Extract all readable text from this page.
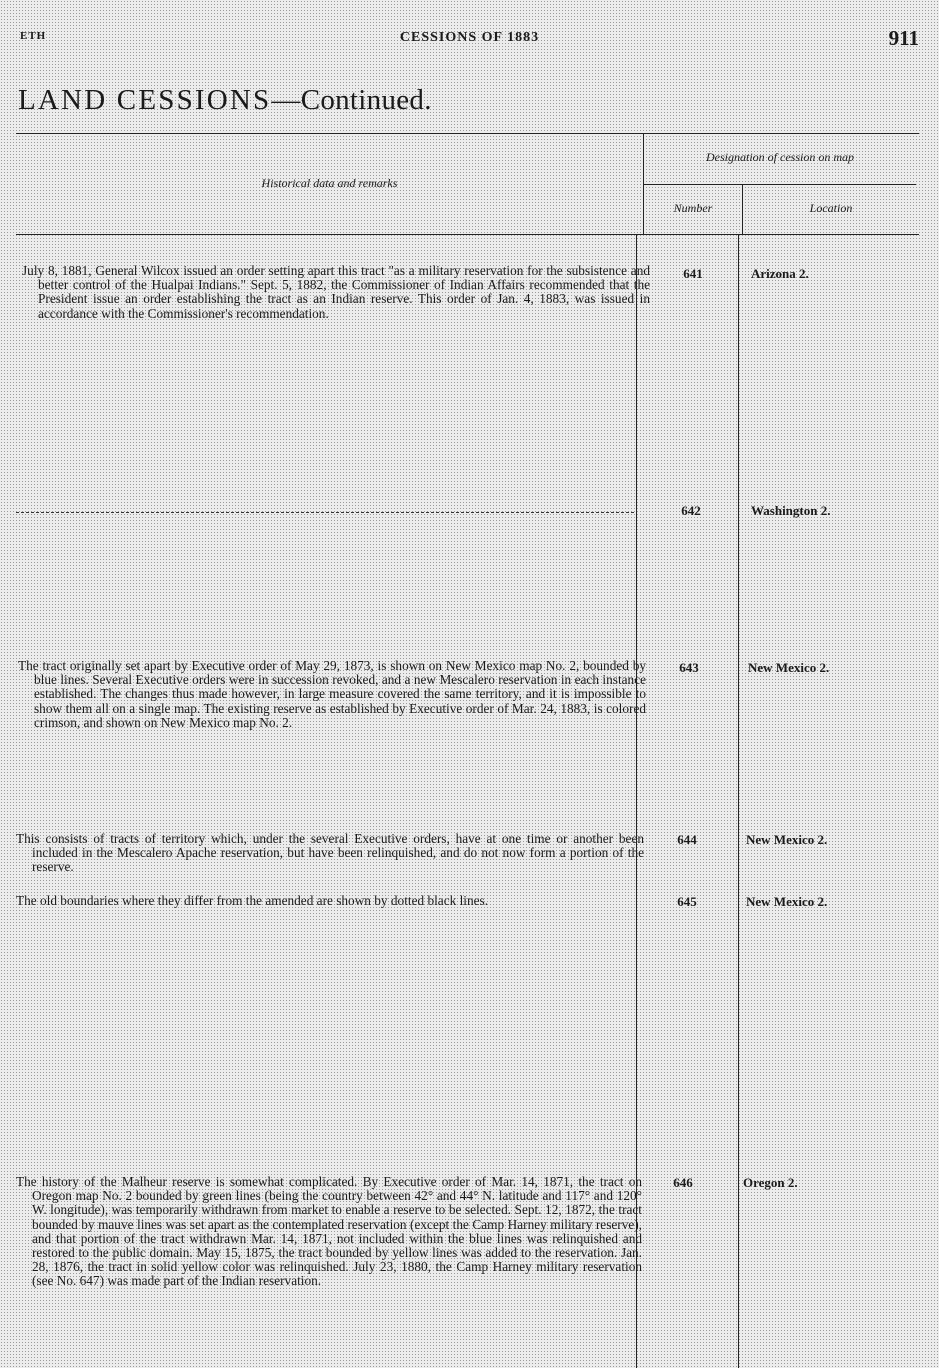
ETH	CESSIONS OF 1883	911
LAND CESSIONS—Continued.
Historical data and remarks
Designation of cession on map
Number	Location
July 8, 1881, General Wilcox issued an order setting apart this tract "as a military reservation for the subsistence and better control of the Hualpai Indians." Sept. 5, 1882, the Commissioner of Indian Affairs recommended that the President issue an order establishing the tract as an Indian reserve. This order of Jan. 4, 1883, was issued in accordance with the Commissioner's recommendation.
641	Arizona 2.
642	Washington 2.
The tract originally set apart by Executive order of May 29, 1873, is shown on New Mexico map No. 2, bounded by blue lines. Several Executive orders were in succession revoked, and a new Mescalero reservation in each instance established. The changes thus made however, in large measure covered the same territory, and it is impossible to show them all on a single map. The existing reserve as established by Executive order of Mar. 24, 1883, is colored crimson, and shown on New Mexico map No. 2.
643	New Mexico 2.
This consists of tracts of territory which, under the several Executive orders, have at one time or another been included in the Mescalero Apache reservation, but have been relinquished, and do not now form a portion of the reserve.
644	New Mexico 2.
The old boundaries where they differ from the amended are shown by dotted black lines.	645	New Mexico 2.
The history of the Malheur reserve is somewhat complicated. By Executive order of Mar. 14, 1871, the tract on Oregon map No. 2 bounded by green lines (being the country between 42° and 44° N. latitude and 117° and 120° W. longitude), was temporarily withdrawn from market to enable a reserve to be selected. Sept. 12, 1872, the tract bounded by mauve lines was set apart as the contemplated reservation (except the Camp Harney military reserve), and that portion of the tract withdrawn Mar. 14, 1871, not included within the blue lines was relinquished and restored to the public domain. May 15, 1875, the tract bounded by yellow lines was added to the reservation. Jan. 28, 1876, the tract in solid yellow color was relinquished. July 23, 1880, the Camp Harney military reservation (see No. 647) was made part of the Indian reservation.
646	Oregon 2.
